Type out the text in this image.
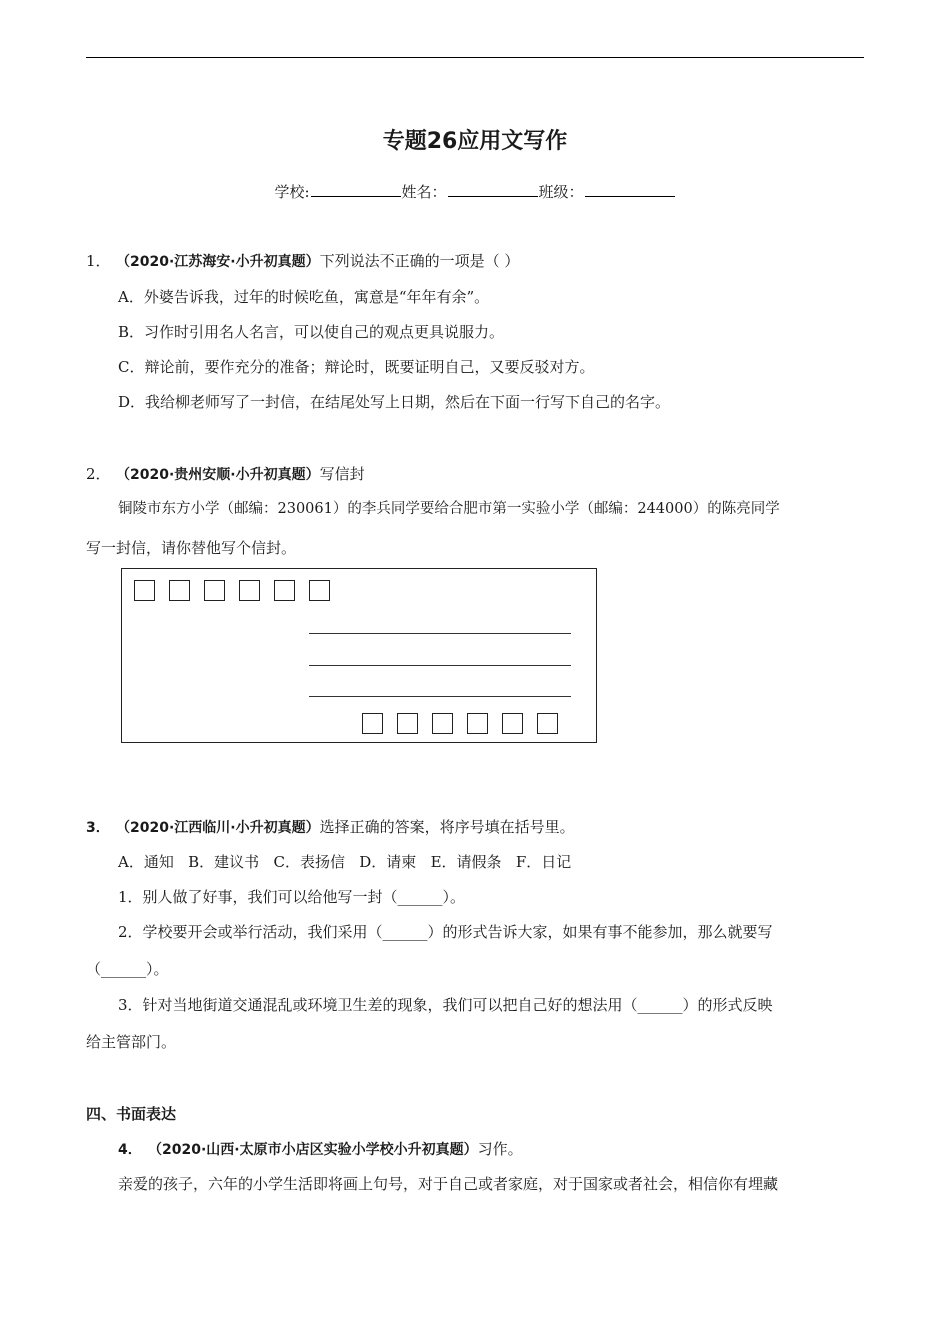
专题26应用文写作
学校:	姓名：	班级：
1． （2020·江苏海安·小升初真题）下列说法不正确的一项是（ ）
A．外婆告诉我，过年的时候吃鱼，寓意是“年年有余”。
B．习作时引用名人名言，可以使自己的观点更具说服力。
C．辩论前，要作充分的准备；辩论时，既要证明自己，又要反驳对方。
D．我给柳老师写了一封信，在结尾处写上日期，然后在下面一行写下自己的名字。
2． （2020·贵州安顺·小升初真题）写信封
铜陵市东方小学（邮编：230061）的李兵同学要给合肥市第一实验小学（邮编：244000）的陈亮同学
写一封信，请你替他写个信封。
3． （2020·江西临川·小升初真题）选择正确的答案，将序号填在括号里。
A．通知   B．建议书   C．表扬信   D．请柬   E．请假条   F．日记
1．别人做了好事，我们可以给他写一封（______）。
2．学校要开会或举行活动，我们采用（______）的形式告诉大家，如果有事不能参加，那么就要写
（______）。
3．针对当地街道交通混乱或环境卫生差的现象，我们可以把自己好的想法用（______）的形式反映
给主管部门。
四、书面表达
4． （2020·山西·太原市小店区实验小学校小升初真题）习作。
亲爱的孩子，六年的小学生活即将画上句号，对于自己或者家庭，对于国家或者社会，相信你有埋藏
